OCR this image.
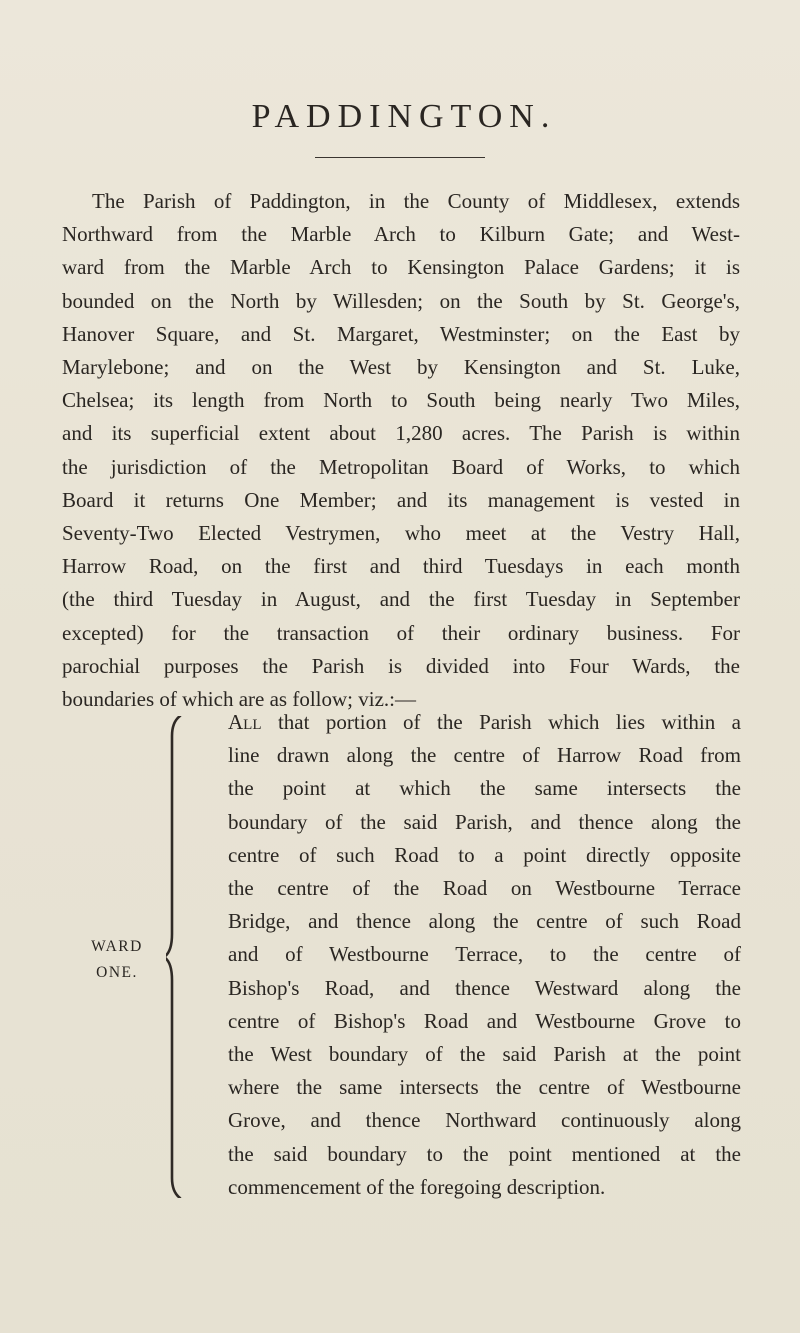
PADDINGTON.
The Parish of Paddington, in the County of Middlesex, extends
Northward from the Marble Arch to Kilburn Gate; and West-
ward from the Marble Arch to Kensington Palace Gardens; it is
bounded on the North by Willesden; on the South by St. George's,
Hanover Square, and St. Margaret, Westminster; on the East by
Marylebone; and on the West by Kensington and St. Luke,
Chelsea; its length from North to South being nearly Two Miles,
and its superficial extent about 1,280 acres. The Parish is within
the jurisdiction of the Metropolitan Board of Works, to which
Board it returns One Member; and its management is vested in
Seventy-Two Elected Vestrymen, who meet at the Vestry Hall,
Harrow Road, on the first and third Tuesdays in each month
(the third Tuesday in August, and the first Tuesday in September
excepted) for the transaction of their ordinary business. For
parochial purposes the Parish is divided into Four Wards, the
boundaries of which are as follow; viz.:—
WARD
ONE.
All that portion of the Parish which lies within a
line drawn along the centre of Harrow Road from
the point at which the same intersects the
boundary of the said Parish, and thence along the
centre of such Road to a point directly opposite
the centre of the Road on Westbourne Terrace
Bridge, and thence along the centre of such Road
and of Westbourne Terrace, to the centre of
Bishop's Road, and thence Westward along the
centre of Bishop's Road and Westbourne Grove to
the West boundary of the said Parish at the point
where the same intersects the centre of Westbourne
Grove, and thence Northward continuously along
the said boundary to the point mentioned at the
commencement of the foregoing description.
